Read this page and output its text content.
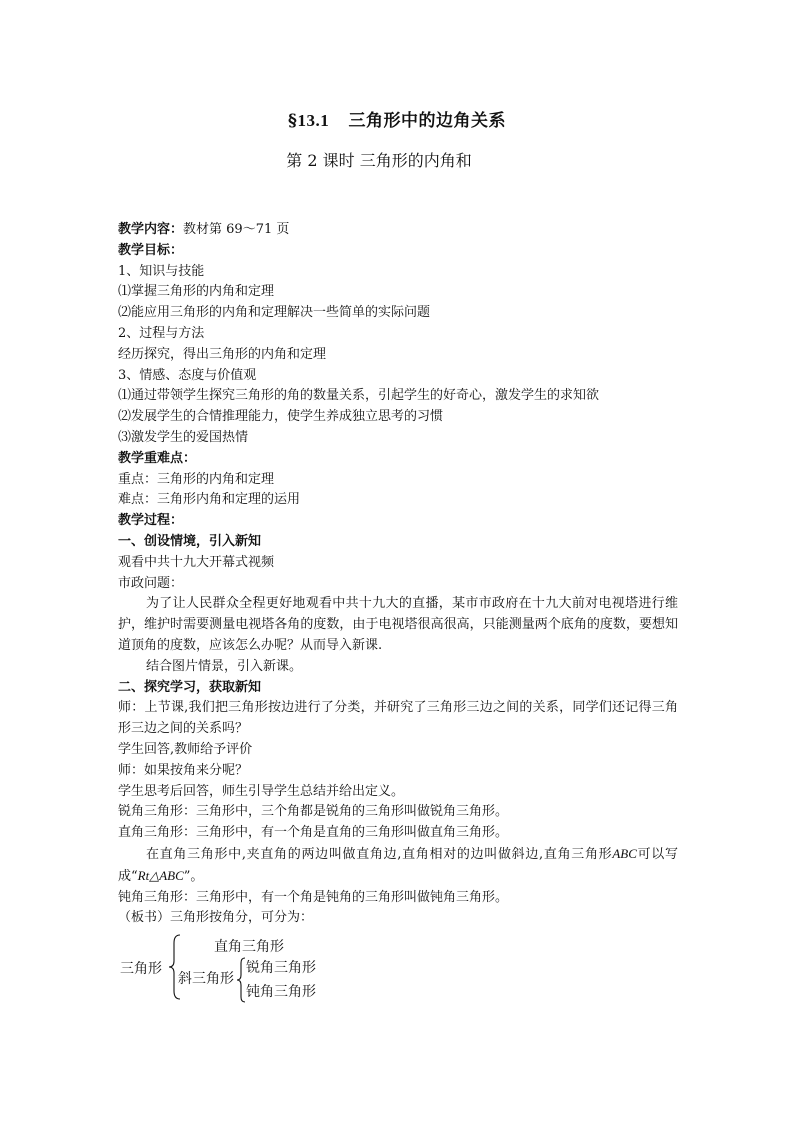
§13.1 三角形中的边角关系
第 2 课时 三角形的内角和
教学内容：教材第 69～71 页
教学目标：
1、知识与技能
⑴掌握三角形的内角和定理
⑵能应用三角形的内角和定理解决一些简单的实际问题
2、过程与方法
经历探究，得出三角形的内角和定理
3、情感、态度与价值观
⑴通过带领学生探究三角形的角的数量关系，引起学生的好奇心，激发学生的求知欲
⑵发展学生的合情推理能力，使学生养成独立思考的习惯
⑶激发学生的爱国热情
教学重难点：
重点：三角形的内角和定理
难点：三角形内角和定理的运用
教学过程：
一、创设情境，引入新知
观看中共十九大开幕式视频
市政问题：
为了让人民群众全程更好地观看中共十九大的直播，某市市政府在十九大前对电视塔进行维护，维护时需要测量电视塔各角的度数，由于电视塔很高很高，只能测量两个底角的度数，要想知道顶角的度数，应该怎么办呢？从而导入新课.
结合图片情景，引入新课。
二、探究学习，获取新知
师：上节课,我们把三角形按边进行了分类，并研究了三角形三边之间的关系，同学们还记得三角形三边之间的关系吗？
学生回答,教师给予评价
师：如果按角来分呢？
学生思考后回答，师生引导学生总结并给出定义。
锐角三角形：三角形中，三个角都是锐角的三角形叫做锐角三角形。
直角三角形：三角形中，有一个角是直角的三角形叫做直角三角形。
在直角三角形中,夹直角的两边叫做直角边,直角相对的边叫做斜边,直角三角形ABC可以写成“Rt△ABC”。
钝角三角形：三角形中，有一个角是钝角的三角形叫做钝角三角形。
（板书）三角形按角分，可分为：
三角形
直角三角形
斜三角形
锐角三角形
钝角三角形
